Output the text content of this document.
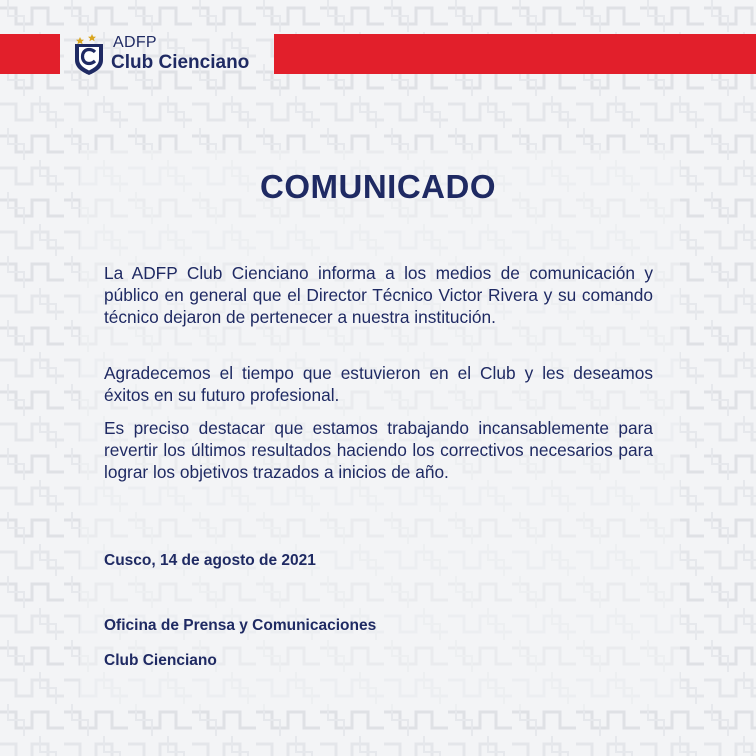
ADFP
Club Cienciano
COMUNICADO

La ADFP Club Cienciano informa a los medios de comunicación y público en general que el Director Técnico Victor Rivera y su comando técnico dejaron de pertenecer a nuestra institución.

Agradecemos el tiempo que estuvieron en el Club y les deseamos éxitos en su futuro profesional.

Es preciso destacar que estamos trabajando incansablemente para revertir los últimos resultados haciendo los correctivos necesarios para lograr los objetivos trazados a inicios de año.

Cusco, 14 de agosto de 2021
Oficina de Prensa y Comunicaciones
Club Cienciano
